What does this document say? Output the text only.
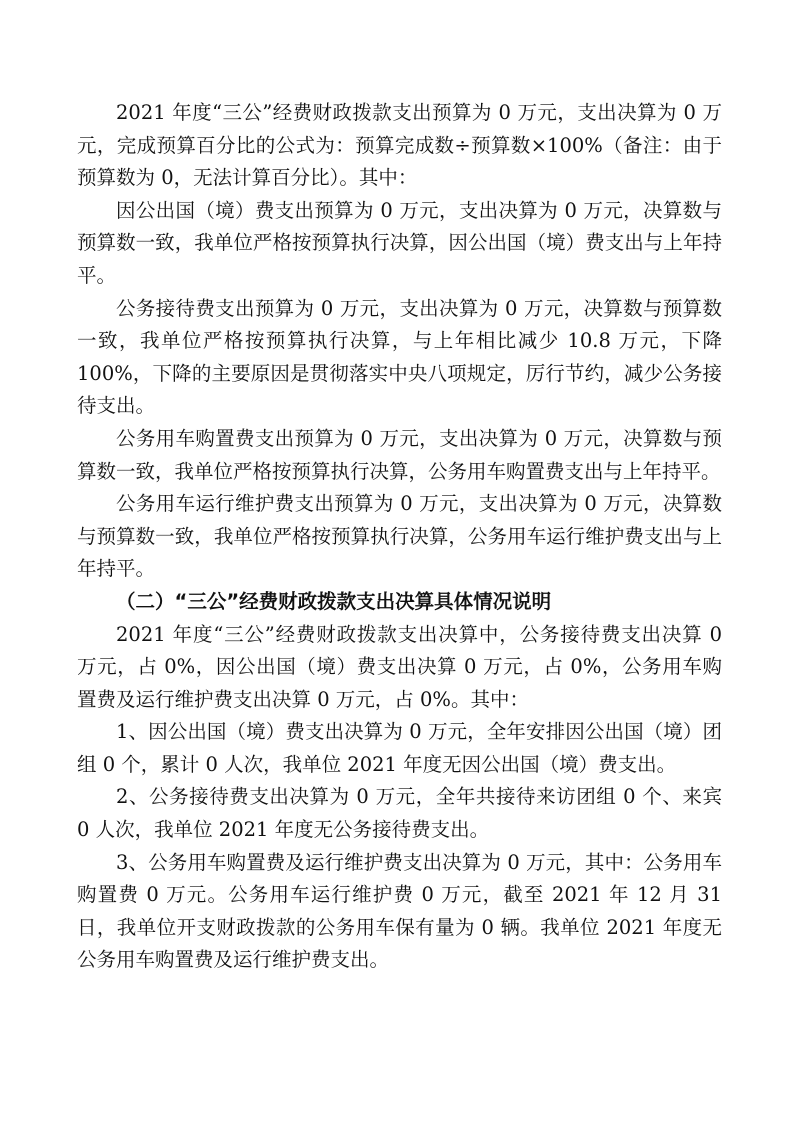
2021 年度“三公”经费财政拨款支出预算为 0 万元，支出决算为 0 万元，完成预算百分比的公式为：预算完成数÷预算数×100%（备注：由于预算数为 0，无法计算百分比）。其中：

因公出国（境）费支出预算为 0 万元，支出决算为 0 万元，决算数与预算数一致，我单位严格按预算执行决算，因公出国（境）费支出与上年持平。

公务接待费支出预算为 0 万元，支出决算为 0 万元，决算数与预算数一致，我单位严格按预算执行决算，与上年相比减少 10.8 万元，下降 100%，下降的主要原因是贯彻落实中央八项规定，厉行节约，减少公务接待支出。

公务用车购置费支出预算为 0 万元，支出决算为 0 万元，决算数与预算数一致，我单位严格按预算执行决算，公务用车购置费支出与上年持平。

公务用车运行维护费支出预算为 0 万元，支出决算为 0 万元，决算数与预算数一致，我单位严格按预算执行决算，公务用车运行维护费支出与上年持平。

（二）“三公”经费财政拨款支出决算具体情况说明

2021 年度“三公”经费财政拨款支出决算中，公务接待费支出决算 0 万元，占 0%，因公出国（境）费支出决算 0 万元，占 0%，公务用车购置费及运行维护费支出决算 0 万元，占 0%。其中：

1、因公出国（境）费支出决算为 0 万元，全年安排因公出国（境）团组 0 个，累计 0 人次，我单位 2021 年度无因公出国（境）费支出。

2、公务接待费支出决算为 0 万元，全年共接待来访团组 0 个、来宾 0 人次，我单位 2021 年度无公务接待费支出。

3、公务用车购置费及运行维护费支出决算为 0 万元，其中：公务用车购置费 0 万元。公务用车运行维护费 0 万元，截至 2021 年 12 月 31 日，我单位开支财政拨款的公务用车保有量为 0 辆。我单位 2021 年度无公务用车购置费及运行维护费支出。
